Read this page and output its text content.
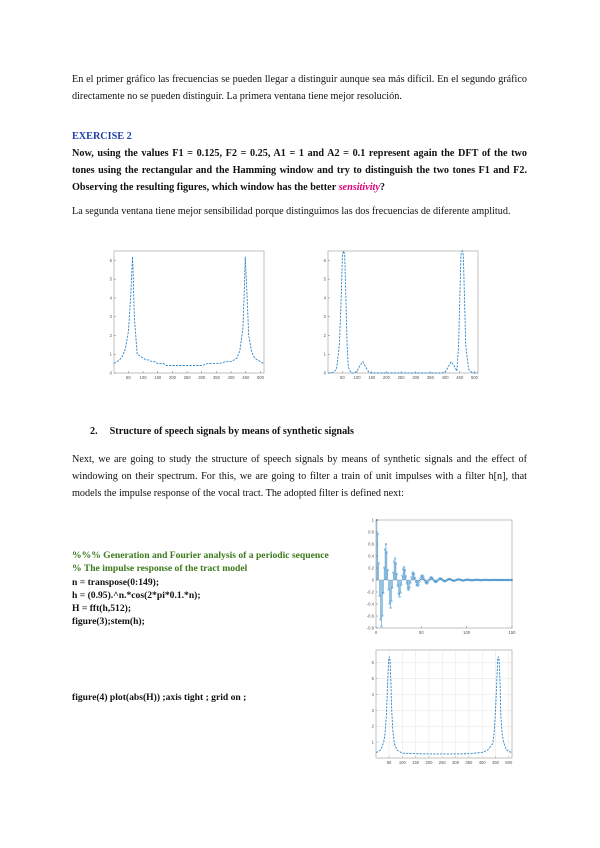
En el primer gráfico las frecuencias se pueden llegar a distinguir aunque sea más difícil. En el segundo gráfico directamente no se pueden distinguir. La primera ventana tiene mejor resolución.

EXERCISE 2

Now, using the values F1 = 0.125, F2 = 0.25, A1 = 1 and A2 = 0.1 represent again the DFT of the two tones using the rectangular and the Hamming window and try to distinguish the two tones F1 and F2. Observing the resulting figures, which window has the better sensitivity?

La segunda ventana tiene mejor sensibilidad porque distinguimos las dos frecuencias de diferente amplitud.

50 100 150 200 250 300 350 400 450 500
0
1
2
3
4
5
6
50 100 150 200 250 300 350 400 450 500
0
1
2
3
4
5
6

2. Structure of speech signals by means of synthetic signals

Next, we are going to study the structure of speech signals by means of synthetic signals and the effect of windowing on their spectrum. For this, we are going to filter a train of unit impulses with a filter h[n], that models the impulse response of the vocal tract. The adopted filter is defined next:

%%% Generation and Fourier analysis of a periodic sequence

% The impulse response of the tract model

n = transpose(0:149);

h = (0.95).^n.*cos(2*pi*0.1.*n);

H = fft(h,512);

figure(3);stem(h);

figure(4) plot(abs(H)) ;axis tight ; grid on ;

0	50	100	150
-0.8
-0.6
-0.4
-0.2
0
0.2
0.4
0.6
0.8
1
50 100 150 200 250 300 350 400 450 500
1
2
3
4
5
6
